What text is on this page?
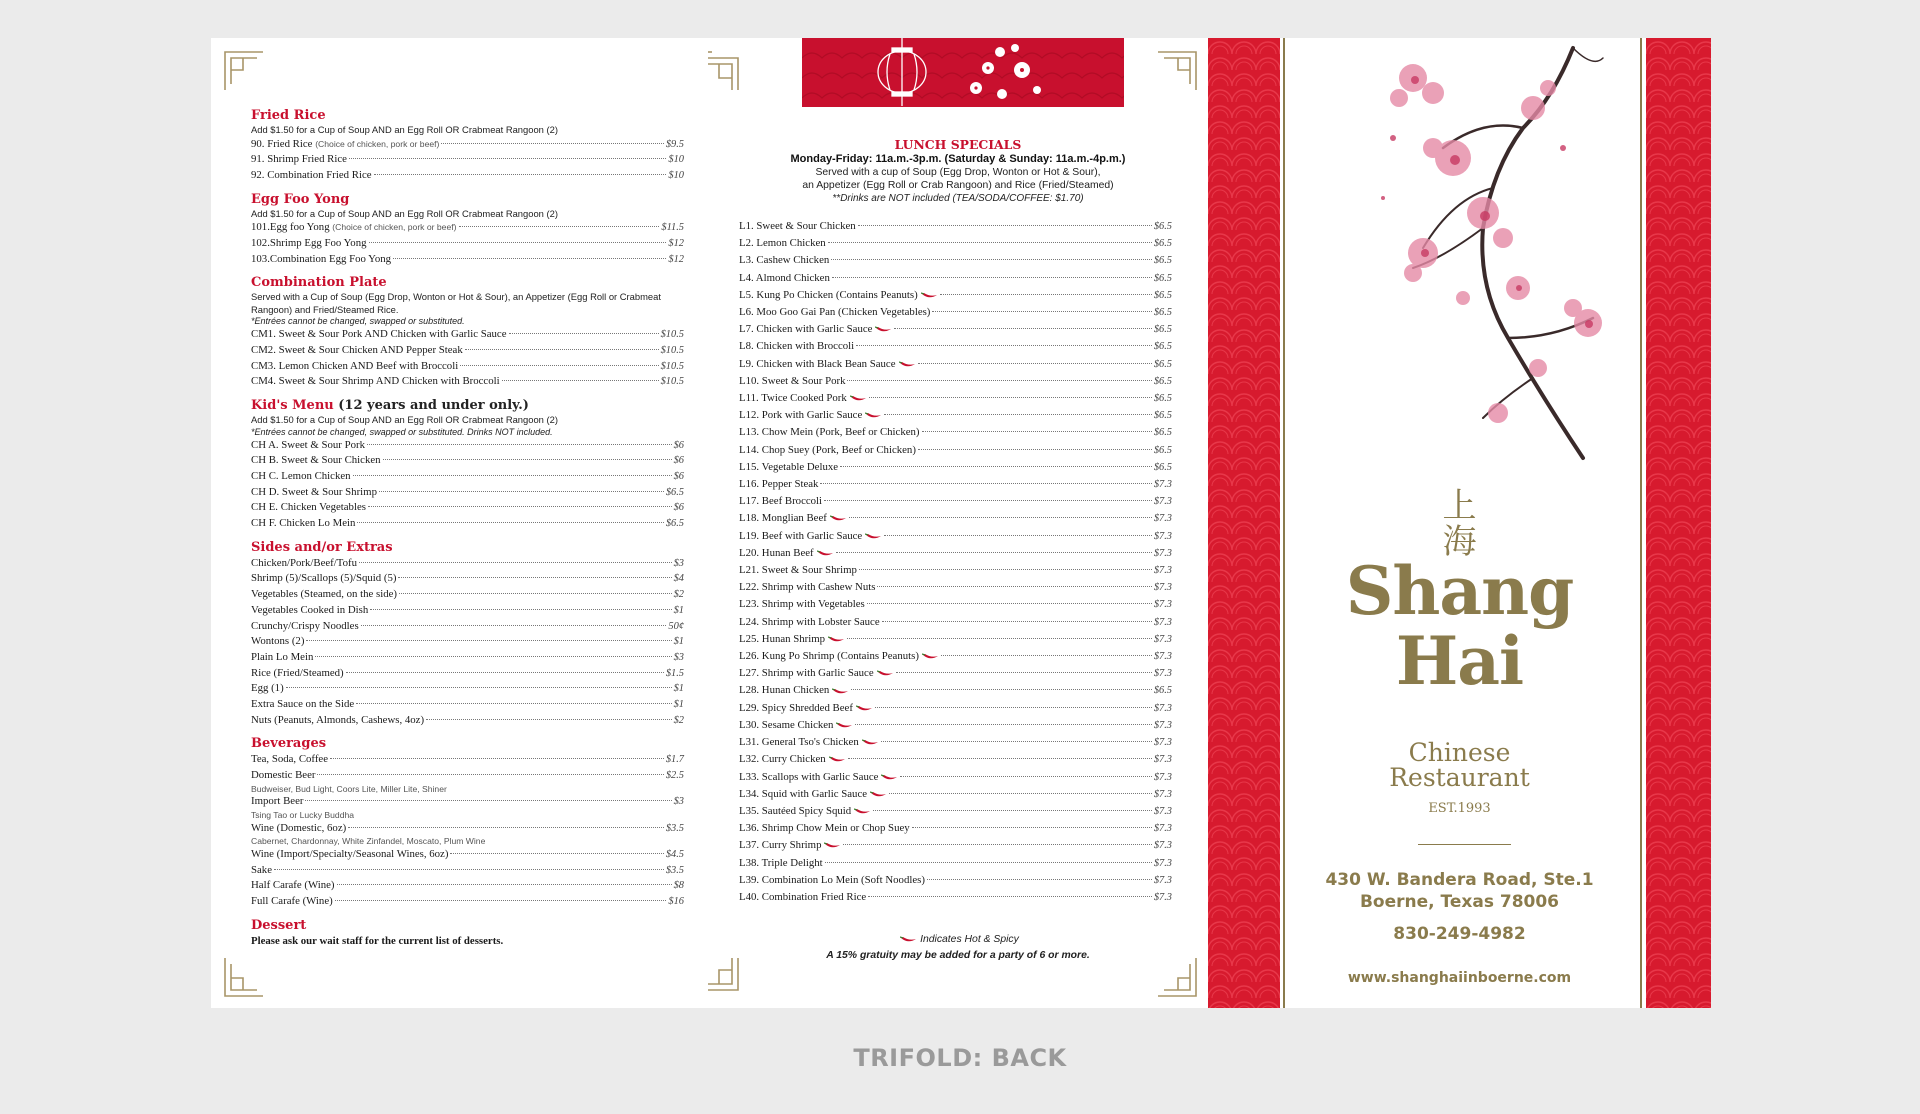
Fried Rice
Add $1.50 for a Cup of Soup AND an Egg Roll OR Crabmeat Rangoon (2)
90. Fried Rice (Choice of chicken, pork or beef)	$9.5
91. Shrimp Fried Rice	$10
92. Combination Fried Rice	$10
Egg Foo Yong
Add $1.50 for a Cup of Soup AND an Egg Roll OR Crabmeat Rangoon (2)
101.Egg foo Yong (Choice of chicken, pork or beef)	$11.5
102.Shrimp Egg Foo Yong	$12
103.Combination Egg Foo Yong	$12
Combination Plate
Served with a Cup of Soup (Egg Drop, Wonton or Hot & Sour), an Appetizer (Egg Roll or Crabmeat Rangoon) and Fried/Steamed Rice.
*Entrées cannot be changed, swapped or substituted.
CM1. Sweet & Sour Pork AND Chicken with Garlic Sauce	$10.5
CM2. Sweet & Sour Chicken AND Pepper Steak	$10.5
CM3. Lemon Chicken AND Beef with Broccoli	$10.5
CM4. Sweet & Sour Shrimp AND Chicken with Broccoli	$10.5
Kid's Menu (12 years and under only.)
Add $1.50 for a Cup of Soup AND an Egg Roll OR Crabmeat Rangoon (2)
*Entrées cannot be changed, swapped or substituted. Drinks NOT included.
CH A. Sweet & Sour Pork	$6
CH B. Sweet & Sour Chicken	$6
CH C. Lemon Chicken	$6
CH D. Sweet & Sour Shrimp	$6.5
CH E. Chicken Vegetables	$6
CH F. Chicken Lo Mein	$6.5
Sides and/or Extras
Chicken/Pork/Beef/Tofu	$3
Shrimp (5)/Scallops (5)/Squid (5)	$4
Vegetables (Steamed, on the side)	$2
Vegetables Cooked in Dish	$1
Crunchy/Crispy Noodles	50¢
Wontons (2)	$1
Plain Lo Mein	$3
Rice (Fried/Steamed)	$1.5
Egg (1)	$1
Extra Sauce on the Side	$1
Nuts (Peanuts, Almonds, Cashews, 4oz)	$2
Beverages
Tea, Soda, Coffee	$1.7
Domestic Beer	$2.5
Budweiser, Bud Light, Coors Lite, Miller Lite, Shiner
Import Beer	$3
Tsing Tao or Lucky Buddha
Wine (Domestic, 6oz)	$3.5
Cabernet, Chardonnay, White Zinfandel, Moscato, Plum Wine
Wine (Import/Specialty/Seasonal Wines, 6oz)	$4.5
Sake	$3.5
Half Carafe (Wine)	$8
Full Carafe (Wine)	$16
Dessert
Please ask our wait staff for the current list of desserts.
LUNCH SPECIALS
Monday-Friday: 11a.m.-3p.m. (Saturday & Sunday: 11a.m.-4p.m.)
Served with a cup of Soup (Egg Drop, Wonton or Hot & Sour),
an Appetizer (Egg Roll or Crab Rangoon) and Rice (Fried/Steamed)
**Drinks are NOT included (TEA/SODA/COFFEE: $1.70)
L1. Sweet & Sour Chicken	$6.5
L2. Lemon Chicken	$6.5
L3. Cashew Chicken	$6.5
L4. Almond Chicken	$6.5
L5. Kung Po Chicken (Contains Peanuts)	$6.5
L6. Moo Goo Gai Pan (Chicken Vegetables)	$6.5
L7. Chicken with Garlic Sauce	$6.5
L8. Chicken with Broccoli	$6.5
L9. Chicken with Black Bean Sauce	$6.5
L10. Sweet & Sour Pork	$6.5
L11. Twice Cooked Pork	$6.5
L12. Pork with Garlic Sauce	$6.5
L13. Chow Mein (Pork, Beef or Chicken)	$6.5
L14. Chop Suey (Pork, Beef or Chicken)	$6.5
L15. Vegetable Deluxe	$6.5
L16. Pepper Steak	$7.3
L17. Beef Broccoli	$7.3
L18. Monglian Beef	$7.3
L19. Beef with Garlic Sauce	$7.3
L20. Hunan Beef	$7.3
L21. Sweet & Sour Shrimp	$7.3
L22. Shrimp with Cashew Nuts	$7.3
L23. Shrimp with Vegetables	$7.3
L24. Shrimp with Lobster Sauce	$7.3
L25. Hunan Shrimp	$7.3
L26. Kung Po Shrimp (Contains Peanuts)	$7.3
L27. Shrimp with Garlic Sauce	$7.3
L28. Hunan Chicken	$6.5
L29. Spicy Shredded Beef	$7.3
L30. Sesame Chicken	$7.3
L31. General Tso's Chicken	$7.3
L32. Curry Chicken	$7.3
L33. Scallops with Garlic Sauce	$7.3
L34. Squid with Garlic Sauce	$7.3
L35. Sautéed Spicy Squid	$7.3
L36. Shrimp Chow Mein or Chop Suey	$7.3
L37. Curry Shrimp	$7.3
L38. Triple Delight	$7.3
L39. Combination Lo Mein (Soft Noodles)	$7.3
L40. Combination Fried Rice	$7.3
Indicates Hot & Spicy
A 15% gratuity may be added for a party of 6 or more.
上
海
Shang
Hai
Chinese
Restaurant
EST.1993
430 W. Bandera Road, Ste.1
Boerne, Texas 78006
830-249-4982
www.shanghaiinboerne.com
TRIFOLD: BACK
